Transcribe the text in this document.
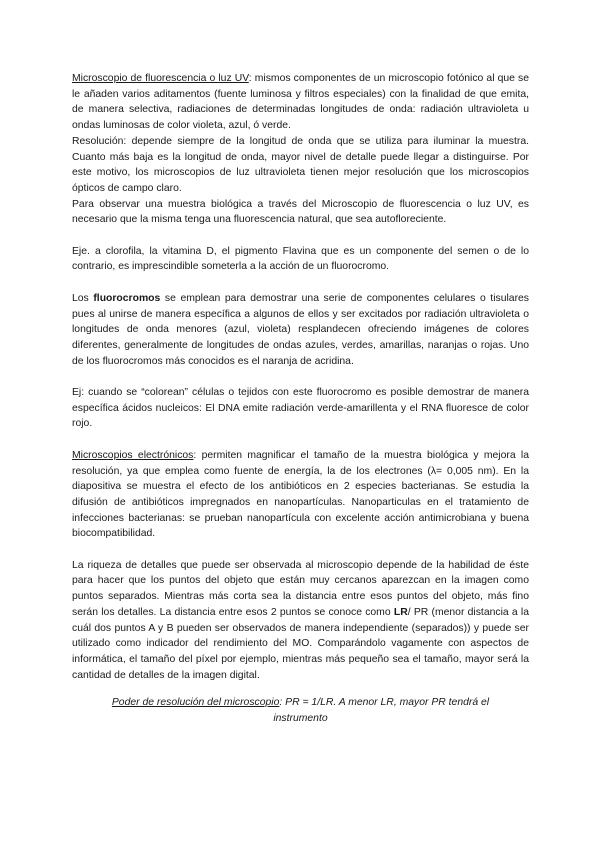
Microscopio de fluorescencia o luz UV: mismos componentes de un microscopio fotónico al que se le añaden varios aditamentos (fuente luminosa y filtros especiales) con la finalidad de que emita, de manera selectiva, radiaciones de determinadas longitudes de onda: radiación ultravioleta u ondas luminosas de color violeta, azul, ó verde.

Resolución: depende siempre de la longitud de onda que se utiliza para iluminar la muestra. Cuanto más baja es la longitud de onda, mayor nivel de detalle puede llegar a distinguirse. Por este motivo, los microscopios de luz ultravioleta tienen mejor resolución que los microscopios ópticos de campo claro.

Para observar una muestra biológica a través del Microscopio de fluorescencia o luz UV, es necesario que la misma tenga una fluorescencia natural, que sea autofloreciente.

Eje. a clorofila, la vitamina D, el pigmento Flavina que es un componente del semen o de lo contrario, es imprescindible someterla a la acción de un fluorocromo.

Los fluorocromos se emplean para demostrar una serie de componentes celulares o tisulares pues al unirse de manera específica a algunos de ellos y ser excitados por radiación ultravioleta o longitudes de onda menores (azul, violeta) resplandecen ofreciendo imágenes de colores diferentes, generalmente de longitudes de ondas azules, verdes, amarillas, naranjas o rojas. Uno de los fluorocromos más conocidos es el naranja de acridina.

Ej: cuando se “colorean” células o tejidos con este fluorocromo es posible demostrar de manera específica ácidos nucleicos: El DNA emite radiación verde-amarillenta y el RNA fluoresce de color rojo.

Microscopios electrónicos: permiten magnificar el tamaño de la muestra biológica y mejora la resolución, ya que emplea como fuente de energía, la de los electrones (λ= 0,005 nm). En la diapositiva se muestra el efecto de los antibióticos en 2 especies bacterianas. Se estudia la difusión de antibióticos impregnados en nanopartículas. Nanoparticulas en el tratamiento de infecciones bacterianas: se prueban nanopartícula con excelente acción antimicrobiana y buena biocompatibilidad.

La riqueza de detalles que puede ser observada al microscopio depende de la habilidad de éste para hacer que los puntos del objeto que están muy cercanos aparezcan en la imagen como puntos separados. Mientras más corta sea la distancia entre esos puntos del objeto, más fino serán los detalles. La distancia entre esos 2 puntos se conoce como LR/ PR (menor distancia a la cuál dos puntos A y B pueden ser observados de manera independiente (separados)) y puede ser utilizado como indicador del rendimiento del MO. Comparándolo vagamente con aspectos de informática, el tamaño del píxel por ejemplo, mientras más pequeño sea el tamaño, mayor será la cantidad de detalles de la imagen digital.

Poder de resolución del microscopio: PR = 1/LR. A menor LR, mayor PR tendrá el instrumento
